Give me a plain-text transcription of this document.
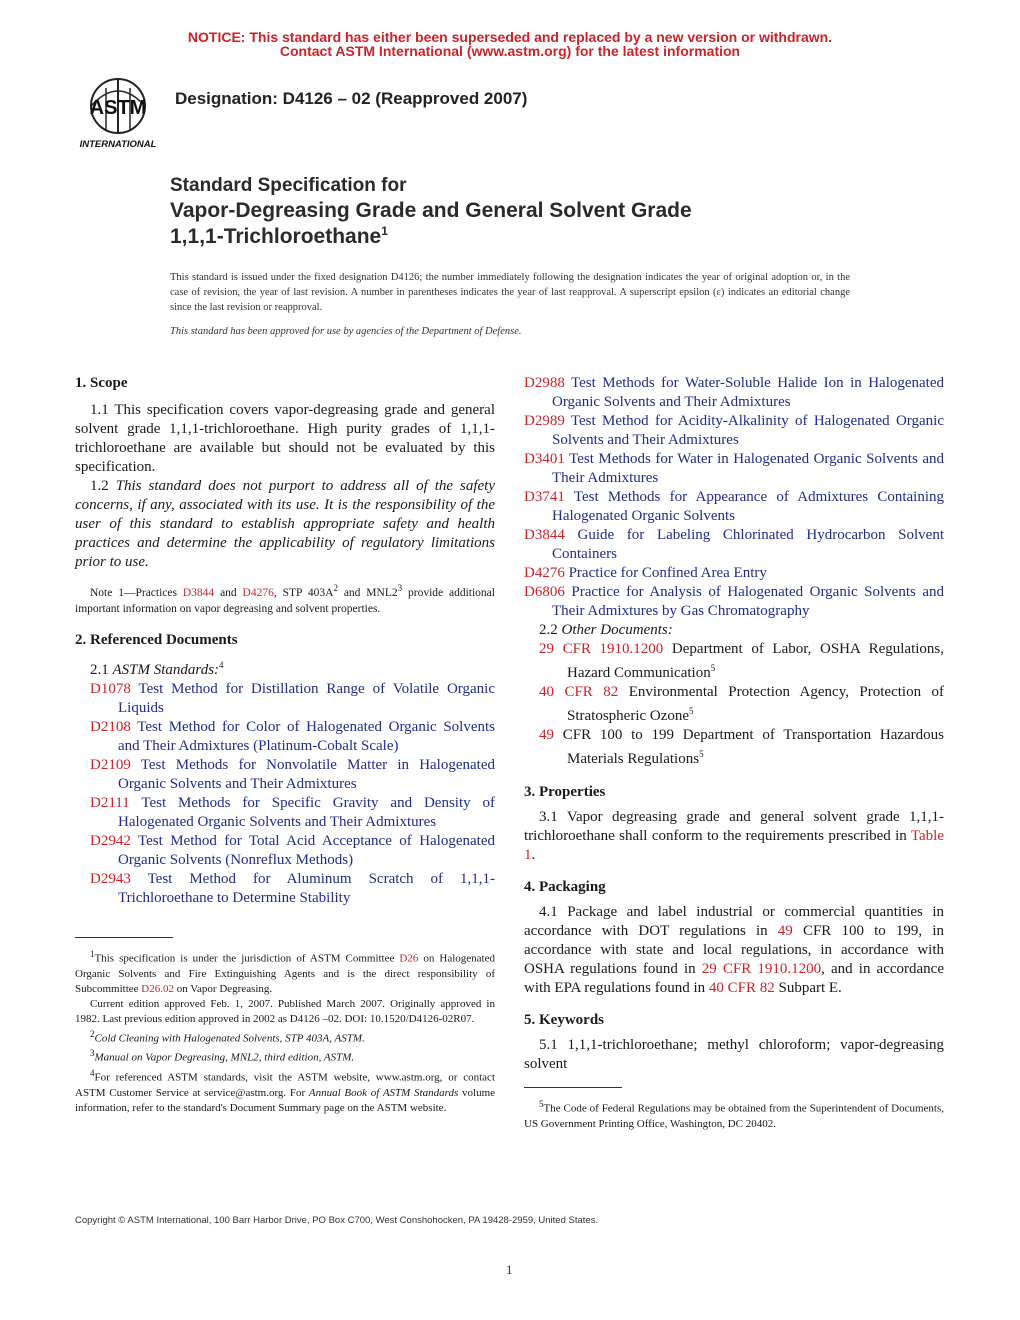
NOTICE: This standard has either been superseded and replaced by a new version or withdrawn.
Contact ASTM International (www.astm.org) for the latest information
ASTM
INTERNATIONAL
Designation: D4126 – 02 (Reapproved 2007)
Standard Specification for
Vapor-Degreasing Grade and General Solvent Grade
1,1,1-Trichloroethane$^1$
This standard is issued under the fixed designation D4126; the number immediately following the designation indicates the year of original adoption or, in the case of revision, the year of last revision. A number in parentheses indicates the year of last reapproval. A superscript epsilon (ε) indicates an editorial change since the last revision or reapproval.
This standard has been approved for use by agencies of the Department of Defense.
1. Scope

1.1 This specification covers vapor-degreasing grade and general solvent grade 1,1,1-trichloroethane. High purity grades of 1,1,1-trichloroethane are available but should not be evaluated by this specification.

1.2 This standard does not purport to address all of the safety concerns, if any, associated with its use. It is the responsibility of the user of this standard to establish appropriate safety and health practices and determine the applicability of regulatory limitations prior to use.

Note 1—Practices D3844 and D4276, STP $403A^2$ and $MNL2^3$ provide additional important information on vapor degreasing and solvent properties.
2. Referenced Documents
2.1 ASTM Standards:$^4$
D1078 Test Method for Distillation Range of Volatile Organic Liquids
D2108 Test Method for Color of Halogenated Organic Solvents and Their Admixtures (Platinum-Cobalt Scale)
D2109 Test Methods for Nonvolatile Matter in Halogenated Organic Solvents and Their Admixtures
D2111 Test Methods for Specific Gravity and Density of Halogenated Organic Solvents and Their Admixtures
D2942 Test Method for Total Acid Acceptance of Halogenated Organic Solvents (Nonreflux Methods)
D2943 Test Method for Aluminum Scratch of 1,1,1-Trichloroethane to Determine Stability

$^1$This specification is under the jurisdiction of ASTM Committee D26 on Halogenated Organic Solvents and Fire Extinguishing Agents and is the direct responsibility of Subcommittee D26.02 on Vapor Degreasing.

Current edition approved Feb. 1, 2007. Published March 2007. Originally approved in 1982. Last previous edition approved in 2002 as D4126 –02. DOI: 10.1520/D4126-02R07.

$^2$Cold Cleaning with Halogenated Solvents, STP 403A, ASTM.

$^3$Manual on Vapor Degreasing, MNL2, third edition, ASTM.

$^4$For referenced ASTM standards, visit the ASTM website, www.astm.org, or contact ASTM Customer Service at service@astm.org. For Annual Book of ASTM Standards volume information, refer to the standard's Document Summary page on the ASTM website.

D2988 Test Methods for Water-Soluble Halide Ion in Halogenated Organic Solvents and Their Admixtures
D2989 Test Method for Acidity-Alkalinity of Halogenated Organic Solvents and Their Admixtures
D3401 Test Methods for Water in Halogenated Organic Solvents and Their Admixtures
D3741 Test Methods for Appearance of Admixtures Containing Halogenated Organic Solvents
D3844 Guide for Labeling Chlorinated Hydrocarbon Solvent Containers
D4276 Practice for Confined Area Entry
D6806 Practice for Analysis of Halogenated Organic Solvents and Their Admixtures by Gas Chromatography
2.2 Other Documents:
29 CFR 1910.1200 Department of Labor, OSHA Regulations, Hazard Communication$^5$
40 CFR 82 Environmental Protection Agency, Protection of Stratospheric Ozone$^5$
49 CFR 100 to 199 Department of Transportation Hazardous Materials Regulations$^5$
3. Properties

3.1 Vapor degreasing grade and general solvent grade 1,1,1-trichloroethane shall conform to the requirements prescribed in Table 1.

4. Packaging

4.1 Package and label industrial or commercial quantities in accordance with DOT regulations in 49 CFR 100 to 199, in accordance with state and local regulations, in accordance with OSHA regulations found in 29 CFR 1910.1200, and in accordance with EPA regulations found in 40 CFR 82 Subpart E.

5. Keywords

5.1 1,1,1-trichloroethane; methyl chloroform; vapor-degreasing solvent

$^5$The Code of Federal Regulations may be obtained from the Superintendent of Documents, US Government Printing Office, Washington, DC 20402.

Copyright © ASTM International, 100 Barr Harbor Drive, PO Box C700, West Conshohocken, PA 19428-2959, United States.
1
